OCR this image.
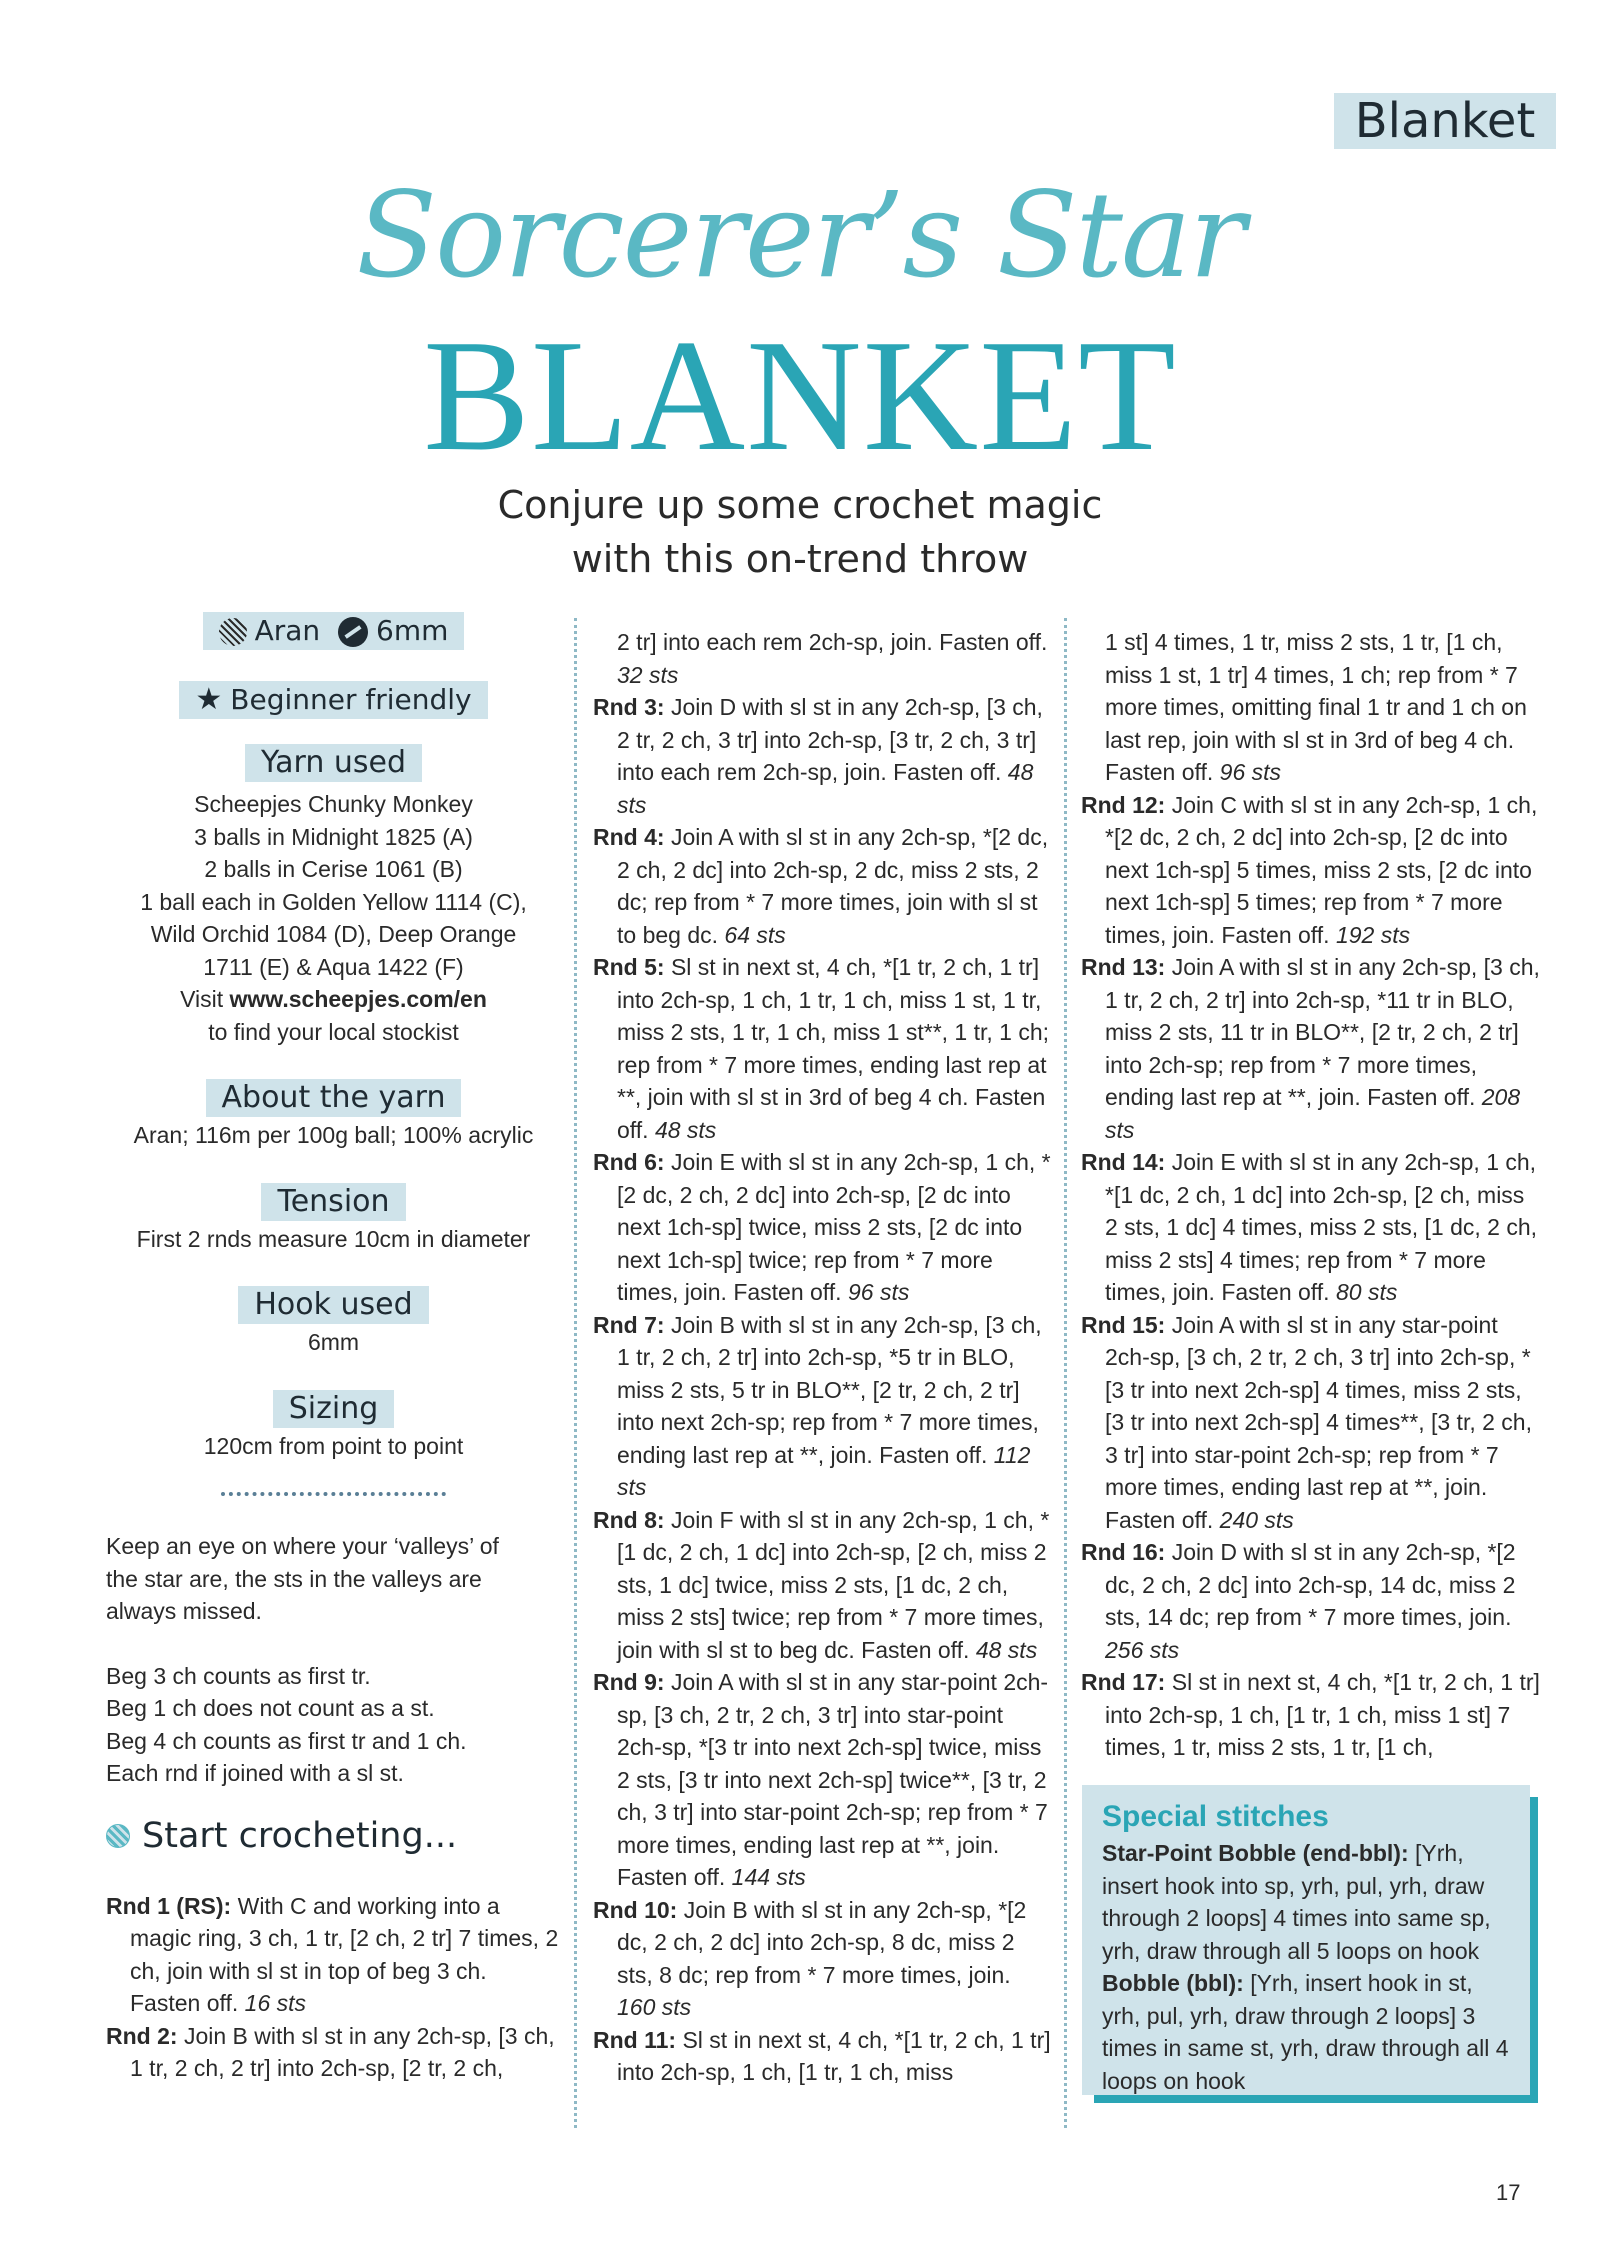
Blanket
Sorcerer’s Star
BLANKET
Conjure up some crochet magic
with this on-trend throw
Aran 6mm
★ Beginner friendly
Yarn used
Scheepjes Chunky Monkey
3 balls in Midnight 1825 (A)
2 balls in Cerise 1061 (B)
1 ball each in Golden Yellow 1114 (C),
Wild Orchid 1084 (D), Deep Orange
1711 (E) & Aqua 1422 (F)
Visit www.scheepjes.com/en
to find your local stockist
About the yarn
Aran; 116m per 100g ball; 100% acrylic
Tension
First 2 rnds measure 10cm in diameter
Hook used
6mm
Sizing
120cm from point to point
Keep an eye on where your ‘valleys’ of
the star are, the sts in the valleys are
always missed.
Beg 3 ch counts as first tr.
Beg 1 ch does not count as a st.
Beg 4 ch counts as first tr and 1 ch.
Each rnd if joined with a sl st.
Start crocheting...
Rnd 1 (RS): With C and working into a magic ring, 3 ch, 1 tr, [2 ch, 2 tr] 7 times, 2 ch, join with sl st in top of beg 3 ch. Fasten off. 16 sts
Rnd 2: Join B with sl st in any 2ch-sp, [3 ch, 1 tr, 2 ch, 2 tr] into 2ch-sp, [2 tr, 2 ch,
2 tr] into each rem 2ch-sp, join. Fasten off. 32 sts
Rnd 3: Join D with sl st in any 2ch-sp, [3 ch, 2 tr, 2 ch, 3 tr] into 2ch-sp, [3 tr, 2 ch, 3 tr] into each rem 2ch-sp, join. Fasten off. 48 sts
Rnd 4: Join A with sl st in any 2ch-sp, *[2 dc, 2 ch, 2 dc] into 2ch-sp, 2 dc, miss 2 sts, 2 dc; rep from * 7 more times, join with sl st to beg dc. 64 sts
Rnd 5: Sl st in next st, 4 ch, *[1 tr, 2 ch, 1 tr] into 2ch-sp, 1 ch, 1 tr, 1 ch, miss 1 st, 1 tr, miss 2 sts, 1 tr, 1 ch, miss 1 st**, 1 tr, 1 ch; rep from * 7 more times, ending last rep at **, join with sl st in 3rd of beg 4 ch. Fasten off. 48 sts
Rnd 6: Join E with sl st in any 2ch-sp, 1 ch, *[2 dc, 2 ch, 2 dc] into 2ch-sp, [2 dc into next 1ch-sp] twice, miss 2 sts, [2 dc into next 1ch-sp] twice; rep from * 7 more times, join. Fasten off. 96 sts
Rnd 7: Join B with sl st in any 2ch-sp, [3 ch, 1 tr, 2 ch, 2 tr] into 2ch-sp, *5 tr in BLO, miss 2 sts, 5 tr in BLO**, [2 tr, 2 ch, 2 tr] into next 2ch-sp; rep from * 7 more times, ending last rep at **, join. Fasten off. 112 sts
Rnd 8: Join F with sl st in any 2ch-sp, 1 ch, *[1 dc, 2 ch, 1 dc] into 2ch-sp, [2 ch, miss 2 sts, 1 dc] twice, miss 2 sts, [1 dc, 2 ch, miss 2 sts] twice; rep from * 7 more times, join with sl st to beg dc. Fasten off. 48 sts
Rnd 9: Join A with sl st in any star-point 2ch-sp, [3 ch, 2 tr, 2 ch, 3 tr] into star-point 2ch-sp, *[3 tr into next 2ch-sp] twice, miss 2 sts, [3 tr into next 2ch-sp] twice**, [3 tr, 2 ch, 3 tr] into star-point 2ch-sp; rep from * 7 more times, ending last rep at **, join. Fasten off. 144 sts
Rnd 10: Join B with sl st in any 2ch-sp, *[2 dc, 2 ch, 2 dc] into 2ch-sp, 8 dc, miss 2 sts, 8 dc; rep from * 7 more times, join. 160 sts
Rnd 11: Sl st in next st, 4 ch, *[1 tr, 2 ch, 1 tr] into 2ch-sp, 1 ch, [1 tr, 1 ch, miss
1 st] 4 times, 1 tr, miss 2 sts, 1 tr, [1 ch, miss 1 st, 1 tr] 4 times, 1 ch; rep from * 7 more times, omitting final 1 tr and 1 ch on last rep, join with sl st in 3rd of beg 4 ch. Fasten off. 96 sts
Rnd 12: Join C with sl st in any 2ch-sp, 1 ch, *[2 dc, 2 ch, 2 dc] into 2ch-sp, [2 dc into next 1ch-sp] 5 times, miss 2 sts, [2 dc into next 1ch-sp] 5 times; rep from * 7 more times, join. Fasten off. 192 sts
Rnd 13: Join A with sl st in any 2ch-sp, [3 ch, 1 tr, 2 ch, 2 tr] into 2ch-sp, *11 tr in BLO, miss 2 sts, 11 tr in BLO**, [2 tr, 2 ch, 2 tr] into 2ch-sp; rep from * 7 more times, ending last rep at **, join. Fasten off. 208 sts
Rnd 14: Join E with sl st in any 2ch-sp, 1 ch, *[1 dc, 2 ch, 1 dc] into 2ch-sp, [2 ch, miss 2 sts, 1 dc] 4 times, miss 2 sts, [1 dc, 2 ch, miss 2 sts] 4 times; rep from * 7 more times, join. Fasten off. 80 sts
Rnd 15: Join A with sl st in any star-point 2ch-sp, [3 ch, 2 tr, 2 ch, 3 tr] into 2ch-sp, *[3 tr into next 2ch-sp] 4 times, miss 2 sts, [3 tr into next 2ch-sp] 4 times**, [3 tr, 2 ch, 3 tr] into star-point 2ch-sp; rep from * 7 more times, ending last rep at **, join. Fasten off. 240 sts
Rnd 16: Join D with sl st in any 2ch-sp, *[2 dc, 2 ch, 2 dc] into 2ch-sp, 14 dc, miss 2 sts, 14 dc; rep from * 7 more times, join. 256 sts
Rnd 17: Sl st in next st, 4 ch, *[1 tr, 2 ch, 1 tr] into 2ch-sp, 1 ch, [1 tr, 1 ch, miss 1 st] 7 times, 1 tr, miss 2 sts, 1 tr, [1 ch,
Special stitches
Star-Point Bobble (end-bbl): [Yrh, insert hook into sp, yrh, pul, yrh, draw through 2 loops] 4 times into same sp, yrh, draw through all 5 loops on hook
Bobble (bbl): [Yrh, insert hook in st, yrh, pul, yrh, draw through 2 loops] 3 times in same st, yrh, draw through all 4 loops on hook
17
